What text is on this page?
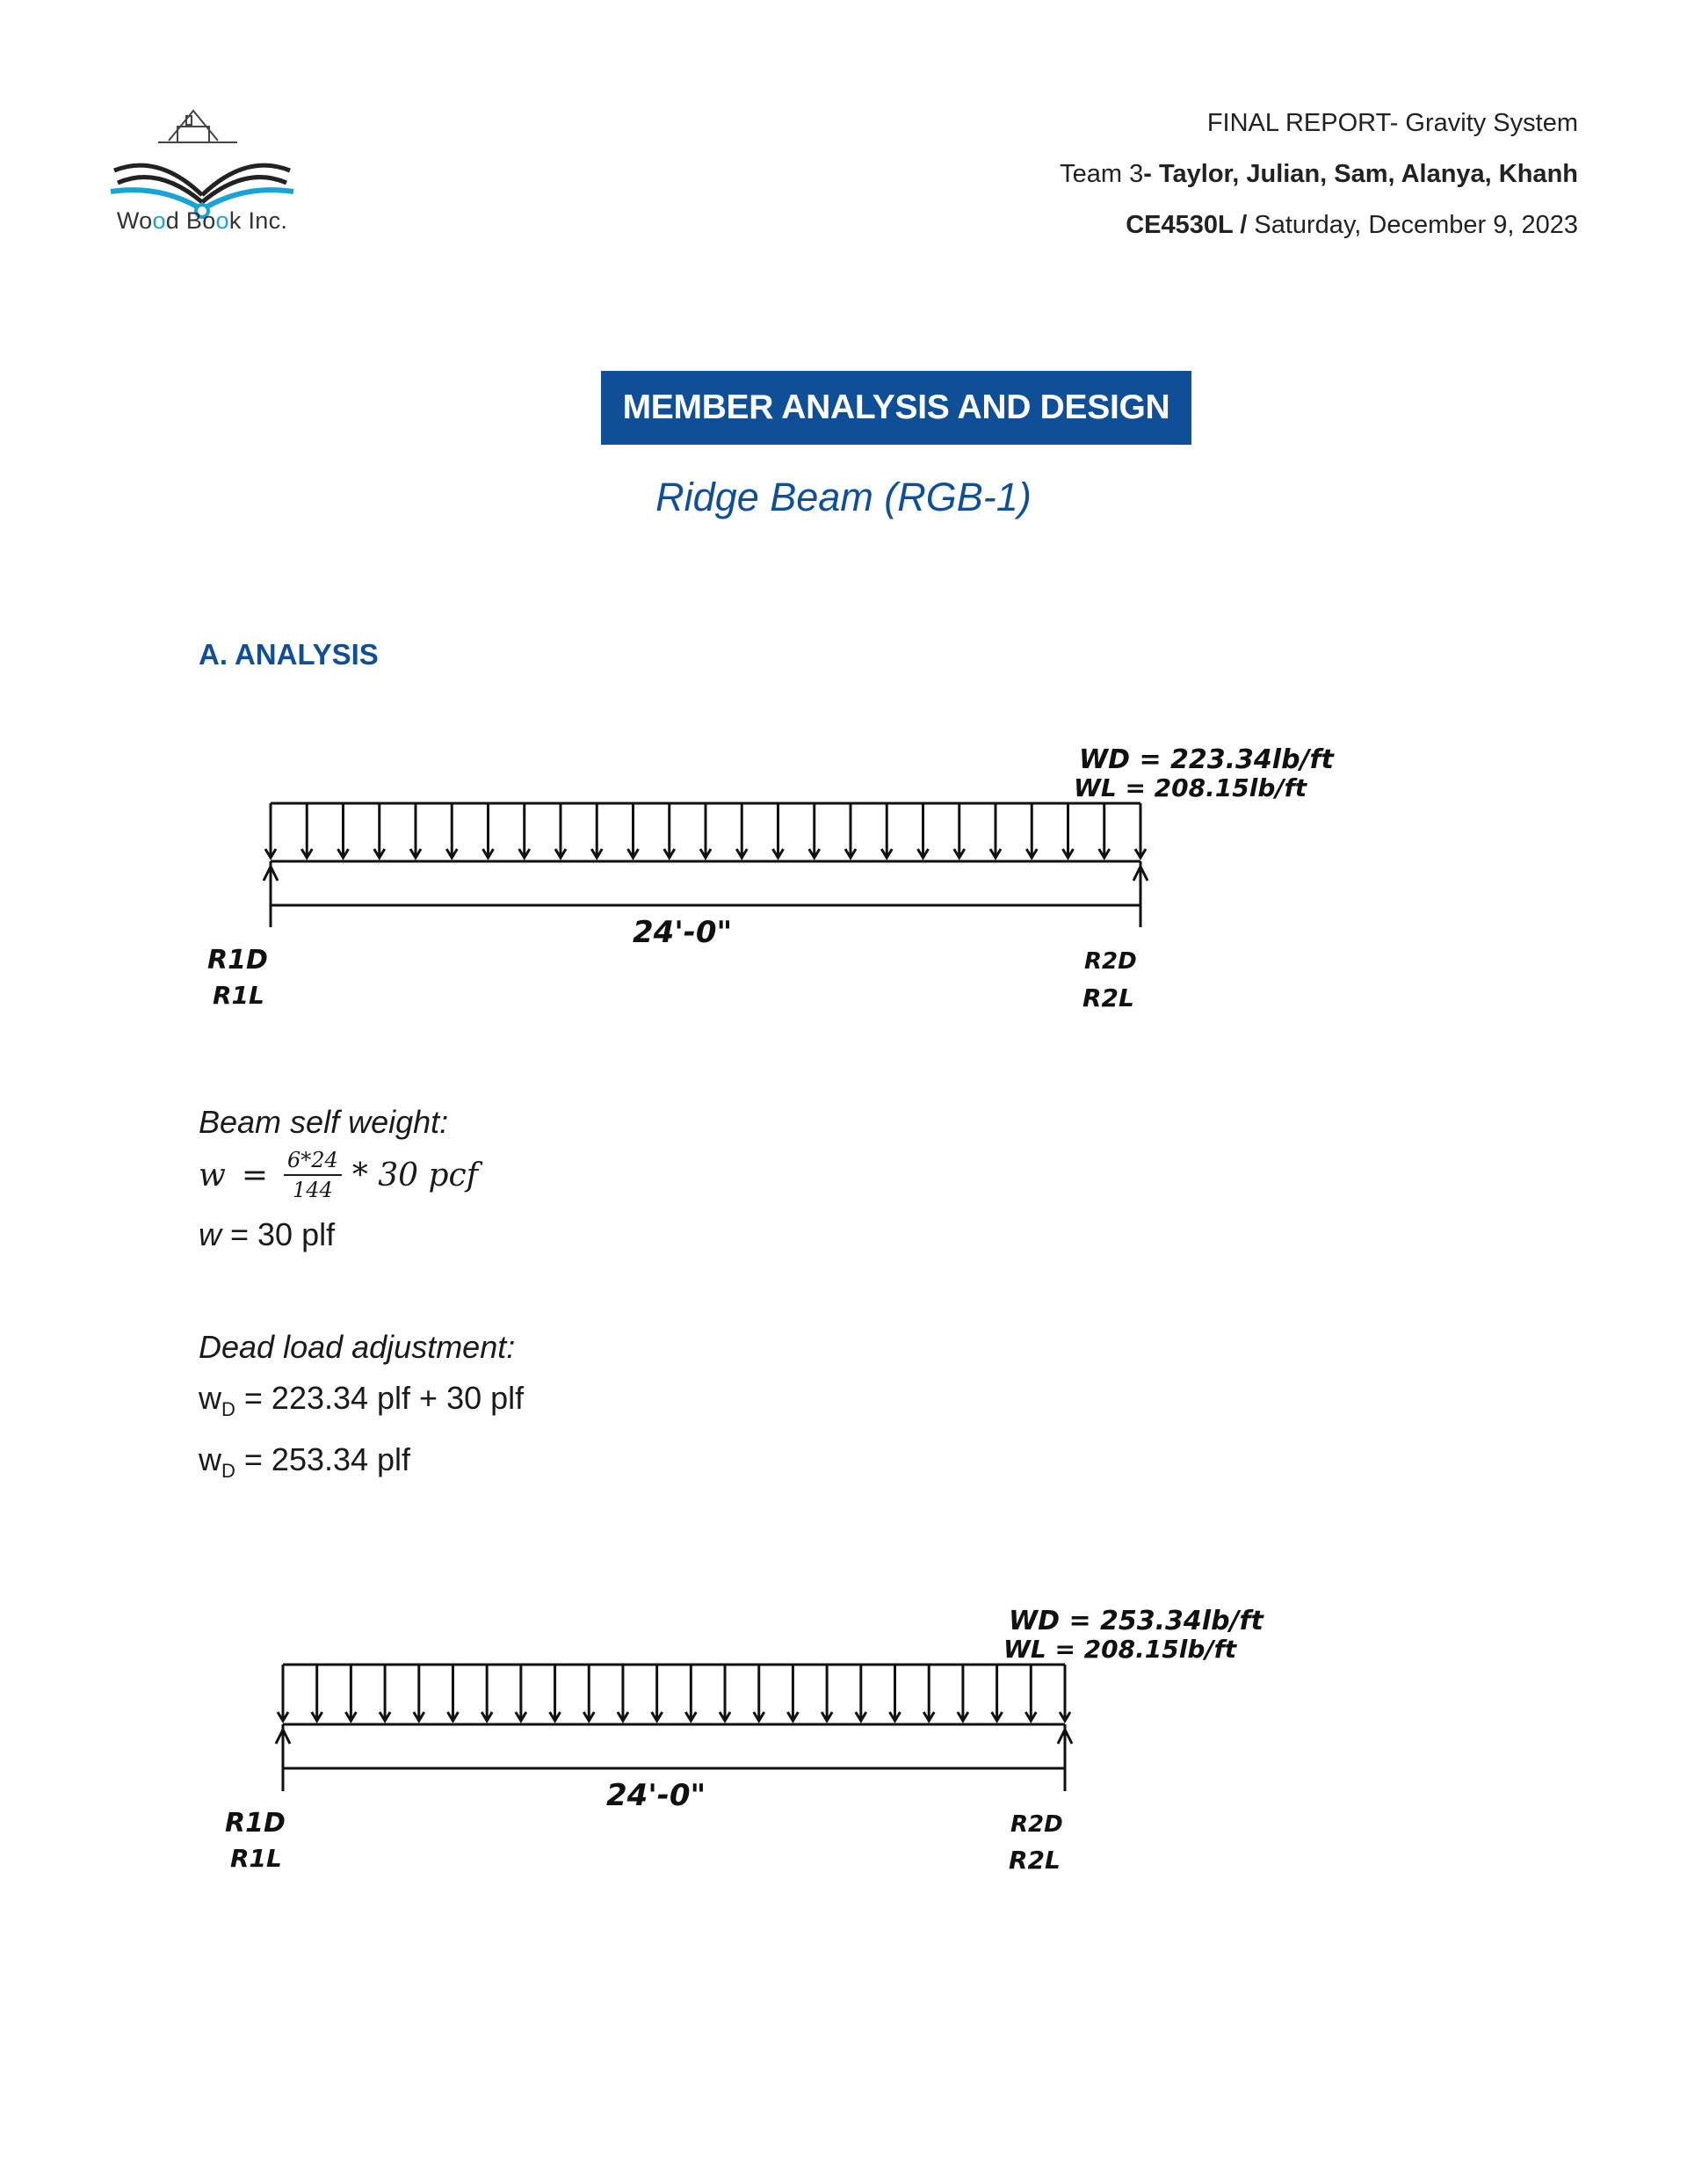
Wood Book Inc.
FINAL REPORT- Gravity System
Team 3- Taylor, Julian, Sam, Alanya, Khanh
CE4530L / Saturday, December 9, 2023
MEMBER ANALYSIS AND DESIGN
Ridge Beam (RGB-1)
A. ANALYSIS
WD = 223.34lb/ft
WL = 208.15lb/ft
24'-0"
R1D
R1L
R2D
R2L
Beam self weight:
$w = \frac{6*24}{144} * 30$ pcf
w = 30 plf
Dead load adjustment:
$w_D = 223.34$ plf + 30 plf
$w_D = 253.34$ plf
WD = 253.34lb/ft
WL = 208.15lb/ft
24'-0"
R1D
R1L
R2D
R2L
